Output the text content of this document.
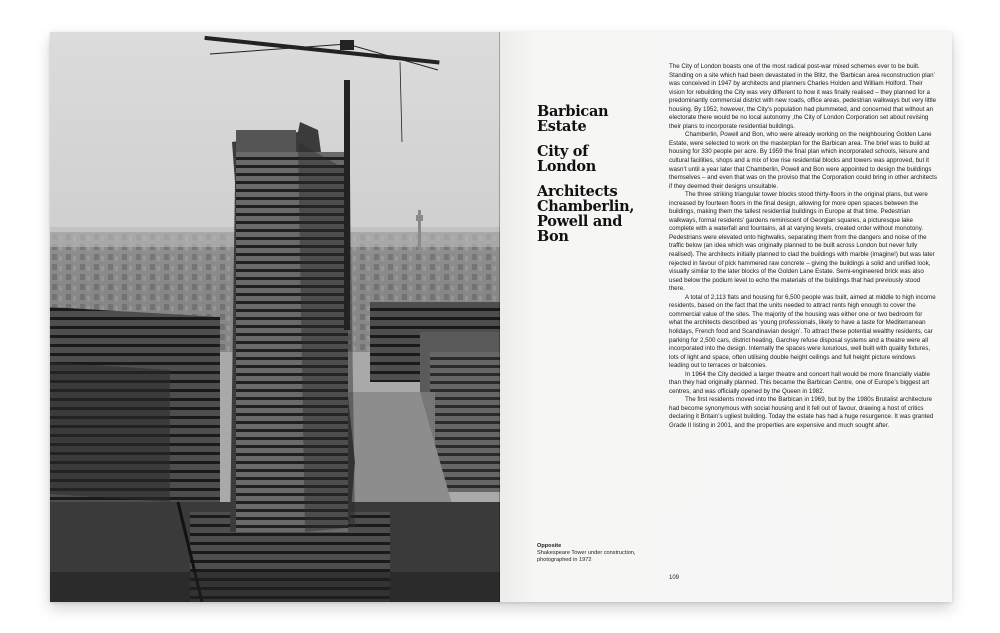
Barbican Estate
City of London
Architects Chamberlin, Powell and Bon

The City of London boasts one of the most radical post-war mixed schemes ever to be built. Standing on a site which had been devastated in the Blitz, the ‘Barbican area reconstruction plan’ was conceived in 1947 by architects and planners Charles Holden and William Holford. Their vision for rebuilding the City was very different to how it was finally realised – they planned for a predominantly commercial district with new roads, office areas, pedestrian walkways but very little housing. By 1952, however, the City’s population had plummeted, and concerned that without an electorate there would be no local autonomy ,the City of London Corporation set about revising their plans to incorporate residential buildings.

Chamberlin, Powell and Bon, who were already working on the neighbouring Golden Lane Estate, were selected to work on the masterplan for the Barbican area. The brief was to build at housing for 330 people per acre. By 1959 the final plan which incorporated schools, leisure and cultural facilities, shops and a mix of low rise residential blocks and towers was approved, but it wasn’t until a year later that Chamberlin, Powell and Bon were appointed to design the buildings themselves – and even that was on the proviso that the Corporation could bring in other architects if they deemed their designs unsuitable.

The three striking triangular tower blocks stood thirty-floors in the original plans, but were increased by fourteen floors in the final design, allowing for more open spaces between the buildings, making them the tallest residential buildings in Europe at that time. Pedestrian walkways, formal residents’ gardens reminiscent of Georgian squares, a picturesque lake complete with a waterfall and fountains, all at varying levels, created order without monotony. Pedestrians were elevated onto highwalks, separating them from the dangers and noise of the traffic below (an idea which was originally planned to be built across London but never fully realised). The architects initially planned to clad the buildings with marble (imagine!) but was later rejected in favour of pick hammered raw concrete – giving the buildings a solid and unified look, visually similar to the later blocks of the Golden Lane Estate. Semi-engineered brick was also used below the podium level to echo the materials of the buildings that had previously stood there.

A total of 2,113 flats and housing for 6,500 people was built, aimed at middle to high income residents, based on the fact that the units needed to attract rents high enough to cover the commercial value of the sites. The majority of the housing was either one or two bedroom for what the architects described as ‘young professionals, likely to have a taste for Mediterranean holidays, French food and Scandinavian design’. To attract these potential wealthy residents, car parking for 2,500 cars, district heating, Garchey refuse disposal systems and a theatre were all incorporated into the design. Internally the spaces were luxurious, well built with quality fixtures, lots of light and space, often utilising double height ceilings and full height picture windows leading out to terraces or balconies.

In 1964 the City decided a larger theatre and concert hall would be more financially viable than they had originally planned. This became the Barbican Centre, one of Europe’s biggest art centres, and was officially opened by the Queen in 1982.

The first residents moved into the Barbican in 1969, but by the 1980s Brutalist architecture had become synonymous with social housing and it fell out of favour, drawing a host of critics declaring it Britain’s ugliest building. Today the estate has had a huge resurgence. It was granted Grade II listing in 2001, and the properties are expensive and much sought after.

Opposite
Shakespeare Tower under construction, photographed in 1972
109
